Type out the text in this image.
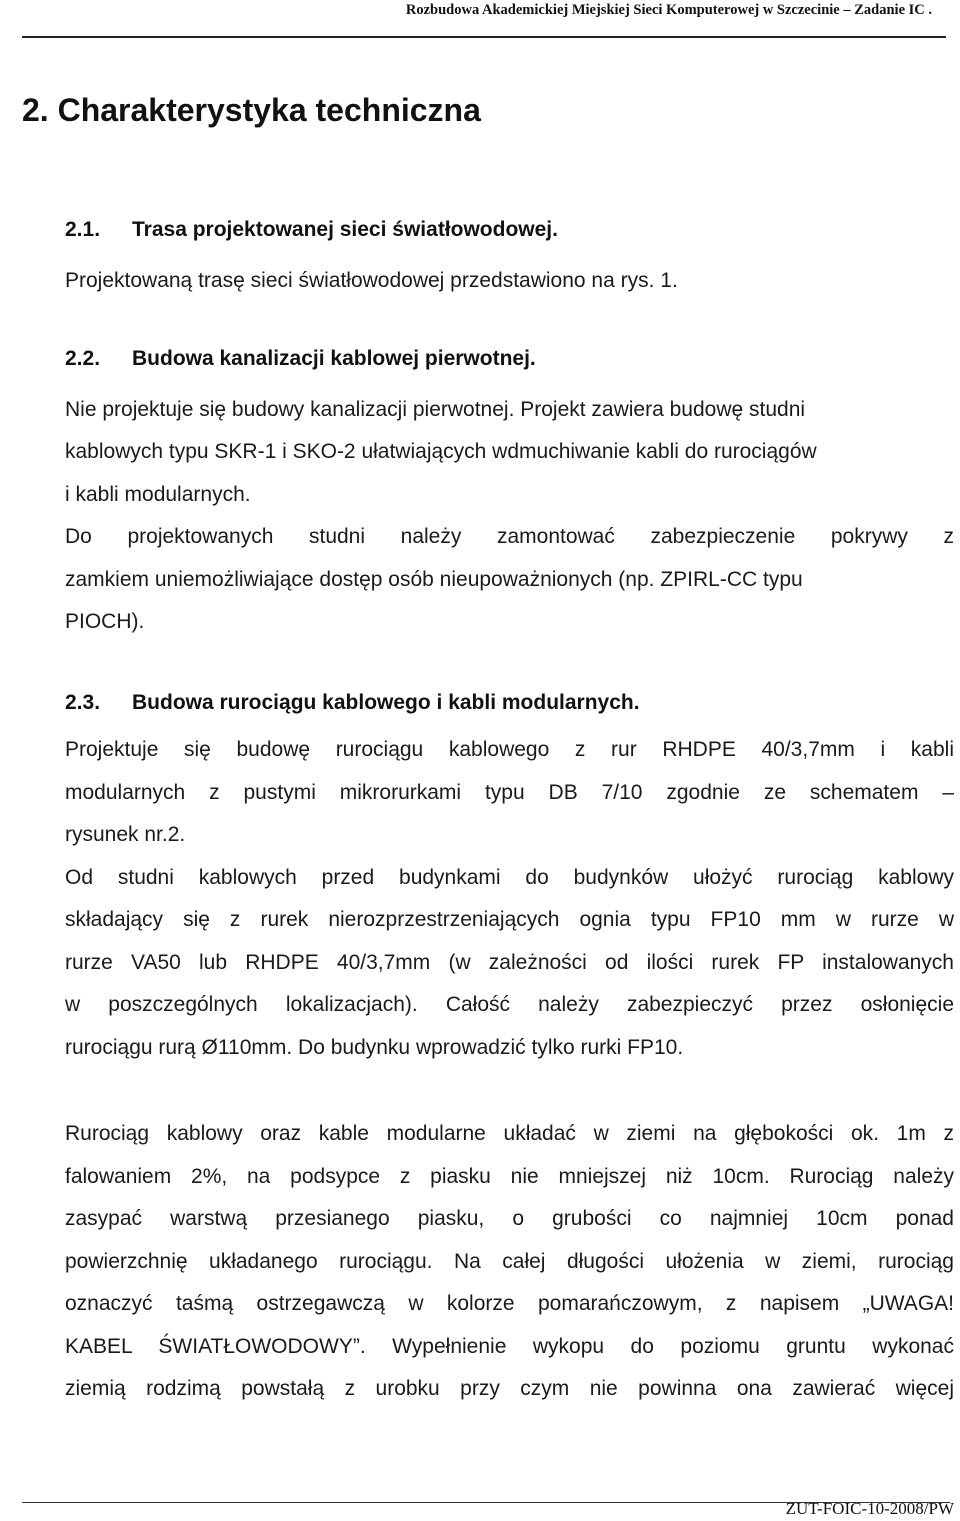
Rozbudowa Akademickiej Miejskiej Sieci Komputerowej w Szczecinie – Zadanie IC .
2. Charakterystyka techniczna
2.1. Trasa projektowanej sieci światłowodowej.
Projektowaną trasę sieci światłowodowej przedstawiono na rys. 1.
2.2. Budowa kanalizacji kablowej pierwotnej.
Nie projektuje się budowy kanalizacji pierwotnej. Projekt zawiera budowę studni
kablowych typu SKR-1 i SKO-2 ułatwiających wdmuchiwanie kabli do rurociągów
i kabli modularnych.
Do projektowanych studni należy zamontować zabezpieczenie pokrywy z
zamkiem uniemożliwiające dostęp osób nieupoważnionych (np. ZPIRL-CC typu
PIOCH).
2.3. Budowa rurociągu kablowego i kabli modularnych.
Projektuje się budowę rurociągu kablowego z rur RHDPE 40/3,7mm i kabli
modularnych z pustymi mikrorurkami typu DB 7/10 zgodnie ze schematem –
rysunek nr.2.
Od studni kablowych przed budynkami do budynków ułożyć rurociąg kablowy
składający się z rurek nierozprzestrzeniających ognia typu FP10 mm w rurze w
rurze VA50 lub RHDPE 40/3,7mm (w zależności od ilości rurek FP instalowanych
w poszczególnych lokalizacjach). Całość należy zabezpieczyć przez osłonięcie
rurociągu rurą Ø110mm. Do budynku wprowadzić tylko rurki FP10.
Rurociąg kablowy oraz kable modularne układać w ziemi na głębokości ok. 1m z
falowaniem 2%, na podsypce z piasku nie mniejszej niż 10cm. Rurociąg należy
zasypać warstwą przesianego piasku, o grubości co najmniej 10cm ponad
powierzchnię układanego rurociągu. Na całej długości ułożenia w ziemi, rurociąg
oznaczyć taśmą ostrzegawczą w kolorze pomarańczowym, z napisem „UWAGA!
KABEL ŚWIATŁOWODOWY”. Wypełnienie wykopu do poziomu gruntu wykonać
ziemią rodzimą powstałą z urobku przy czym nie powinna ona zawierać więcej
ZUT-FOIC-10-2008/PW
